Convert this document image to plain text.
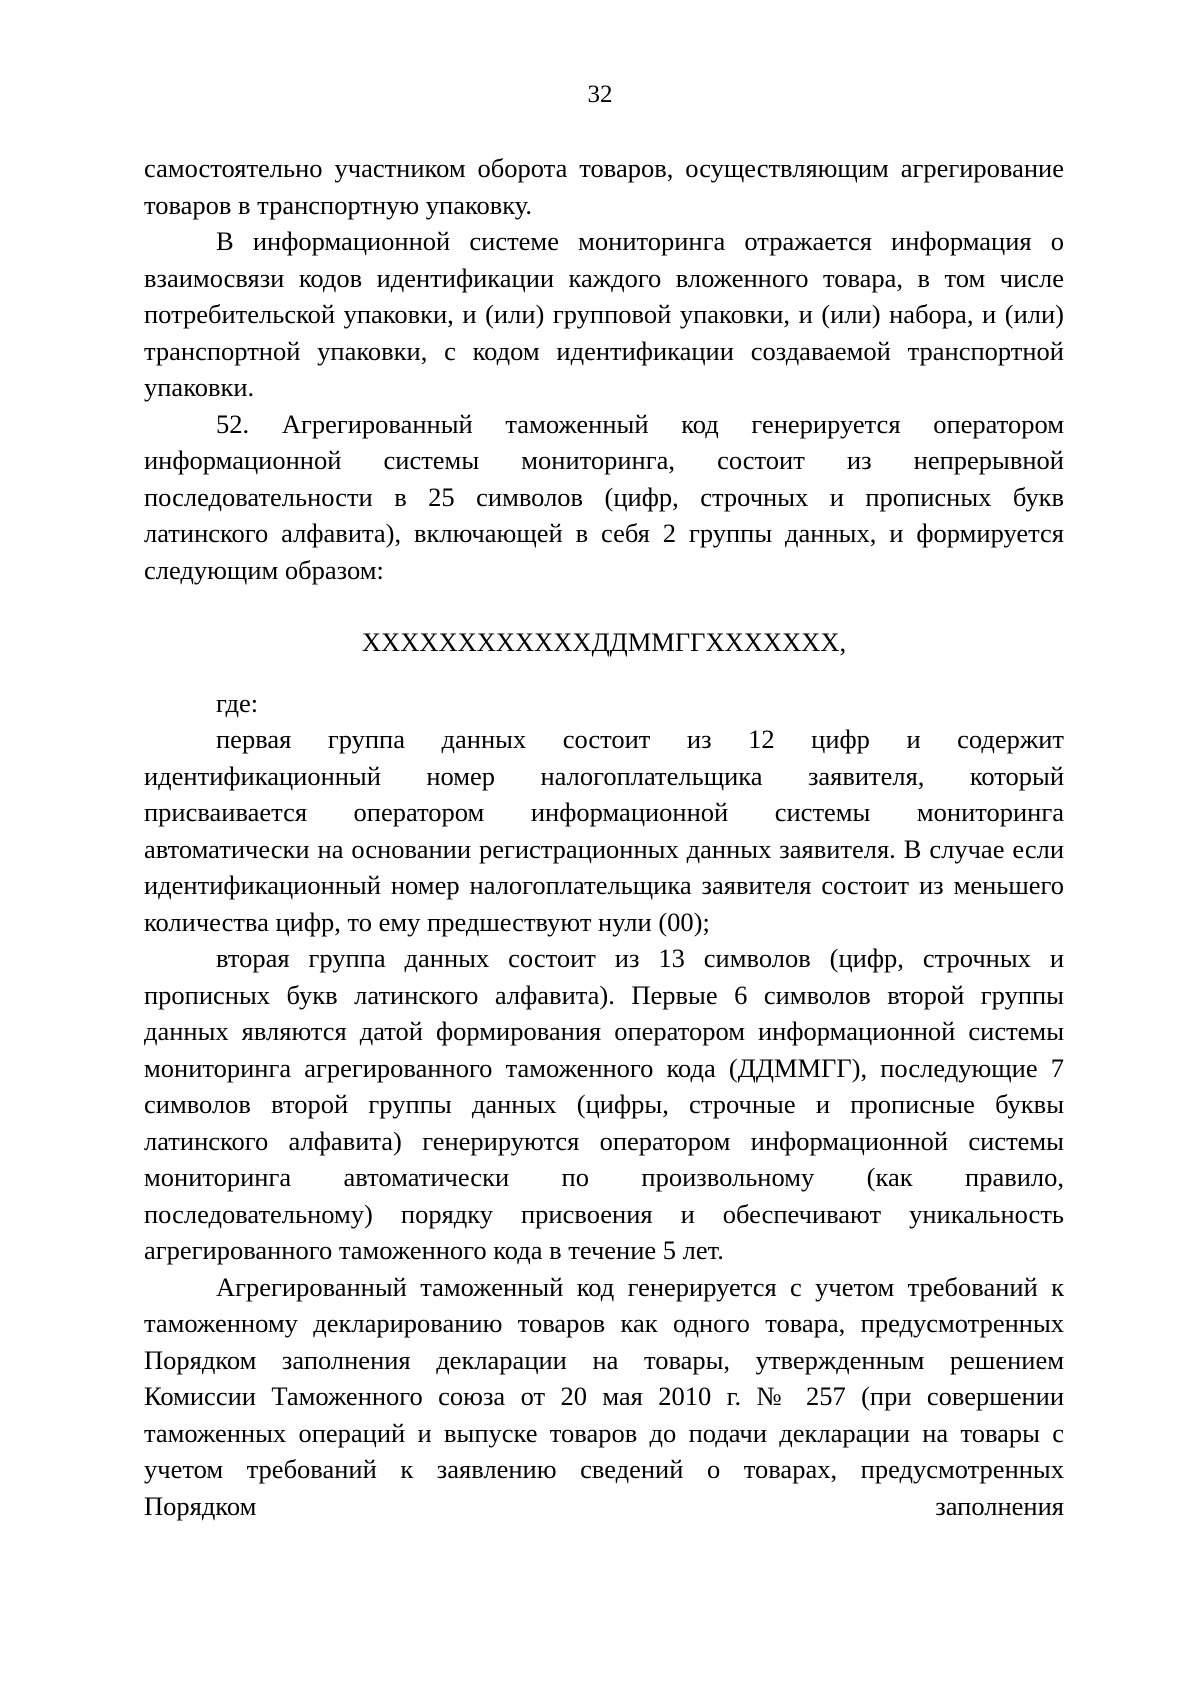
32

самостоятельно участником оборота товаров, осуществляющим агрегирование товаров в транспортную упаковку.

В информационной системе мониторинга отражается информация о взаимосвязи кодов идентификации каждого вложенного товара, в том числе потребительской упаковки, и (или) групповой упаковки, и (или) набора, и (или) транспортной упаковки, с кодом идентификации создаваемой транспортной упаковки.

52. Агрегированный таможенный код генерируется оператором информационной системы мониторинга, состоит из непрерывной последовательности в 25 символов (цифр, строчных и прописных букв латинского алфавита), включающей в себя 2 группы данных, и формируется следующим образом:

XXXXXXXXXXXXДДММГГXXXXXXX,

где:

первая группа данных состоит из 12 цифр и содержит идентификационный номер налогоплательщика заявителя, который присваивается оператором информационной системы мониторинга автоматически на основании регистрационных данных заявителя. В случае если идентификационный номер налогоплательщика заявителя состоит из меньшего количества цифр, то ему предшествуют нули (00);

вторая группа данных состоит из 13 символов (цифр, строчных и прописных букв латинского алфавита). Первые 6 символов второй группы данных являются датой формирования оператором информационной системы мониторинга агрегированного таможенного кода (ДДММГГ), последующие 7 символов второй группы данных (цифры, строчные и прописные буквы латинского алфавита) генерируются оператором информационной системы мониторинга автоматически по произвольному (как правило, последовательному) порядку присвоения и обеспечивают уникальность агрегированного таможенного кода в течение 5 лет.

Агрегированный таможенный код генерируется с учетом требований к таможенному декларированию товаров как одного товара, предусмотренных Порядком заполнения декларации на товары, утвержденным решением Комиссии Таможенного союза от 20 мая 2010 г. № 257 (при совершении таможенных операций и выпуске товаров до подачи декларации на товары с учетом требований к заявлению сведений о товарах, предусмотренных Порядком заполнения
